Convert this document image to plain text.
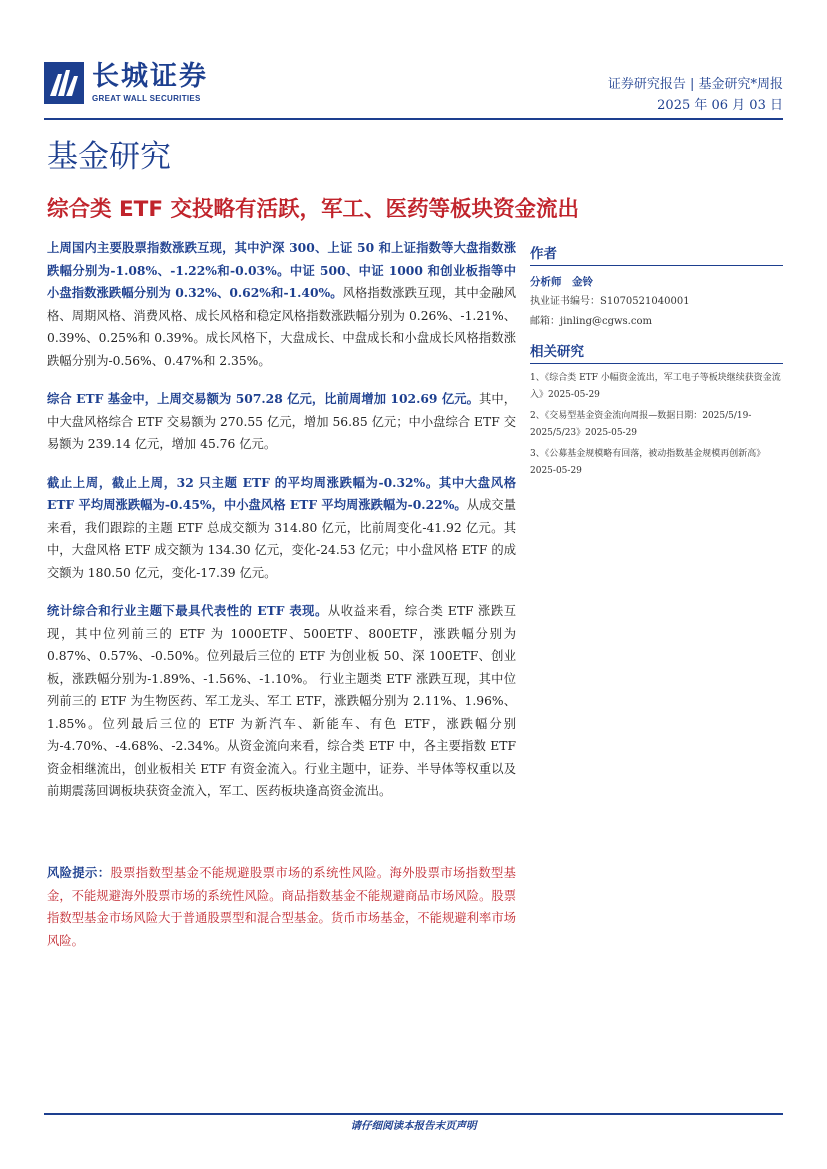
长城证券
GREAT WALL SECURITIES
证券研究报告 | 基金研究*周报
2025 年 06 月 03 日
基金研究
综合类 ETF 交投略有活跃，军工、医药等板块资金流出

上周国内主要股票指数涨跌互现，其中沪深 300、上证 50 和上证指数等大盘指数涨跌幅分别为-1.08%、-1.22%和-0.03%。中证 500、中证 1000 和创业板指等中小盘指数涨跌幅分别为 0.32%、0.62%和-1.40%。风格指数涨跌互现，其中金融风格、周期风格、消费风格、成长风格和稳定风格指数涨跌幅分别为 0.26%、-1.21%、0.39%、0.25%和 0.39%。成长风格下，大盘成长、中盘成长和小盘成长风格指数涨跌幅分别为-0.56%、0.47%和 2.35%。

综合 ETF 基金中，上周交易额为 507.28 亿元，比前周增加 102.69 亿元。其中，中大盘风格综合 ETF 交易额为 270.55 亿元，增加 56.85 亿元；中小盘综合 ETF 交易额为 239.14 亿元，增加 45.76 亿元。

截止上周，截止上周，32 只主题 ETF 的平均周涨跌幅为-0.32%。其中大盘风格 ETF 平均周涨跌幅为-0.45%，中小盘风格 ETF 平均周涨跌幅为-0.22%。从成交量来看，我们跟踪的主题 ETF 总成交额为 314.80 亿元，比前周变化-41.92 亿元。其中，大盘风格 ETF 成交额为 134.30 亿元，变化-24.53 亿元；中小盘风格 ETF 的成交额为 180.50 亿元，变化-17.39 亿元。

统计综合和行业主题下最具代表性的 ETF 表现。从收益来看，综合类 ETF 涨跌互现，其中位列前三的 ETF 为 1000ETF、500ETF、800ETF，涨跌幅分别为 0.87%、0.57%、-0.50%。位列最后三位的 ETF 为创业板 50、深 100ETF、创业板，涨跌幅分别为-1.89%、-1.56%、-1.10%。 行业主题类 ETF 涨跌互现，其中位列前三的 ETF 为生物医药、军工龙头、军工 ETF，涨跌幅分别为 2.11%、1.96%、1.85%。位列最后三位的 ETF 为新汽车、新能车、有色 ETF，涨跌幅分别为-4.70%、-4.68%、-2.34%。从资金流向来看，综合类 ETF 中，各主要指数 ETF 资金相继流出，创业板相关 ETF 有资金流入。行业主题中，证券、半导体等权重以及前期震荡回调板块获资金流入，军工、医药板块逢高资金流出。

风险提示：股票指数型基金不能规避股票市场的系统性风险。海外股票市场指数型基金，不能规避海外股票市场的系统性风险。商品指数基金不能规避商品市场风险。股票指数型基金市场风险大于普通股票型和混合型基金。货币市场基金，不能规避利率市场风险。
作者
分析师　金铃
执业证书编号：S1070521040001
邮箱：jinling@cgws.com
相关研究
1、《综合类 ETF 小幅资金流出，军工电子等板块继续获资金流入》2025-05-29
2、《交易型基金资金流向周报—数据日期：2025/5/19-2025/5/23》2025-05-29
3、《公募基金规模略有回落，被动指数基金规模再创新高》2025-05-29
请仔细阅读本报告末页声明
